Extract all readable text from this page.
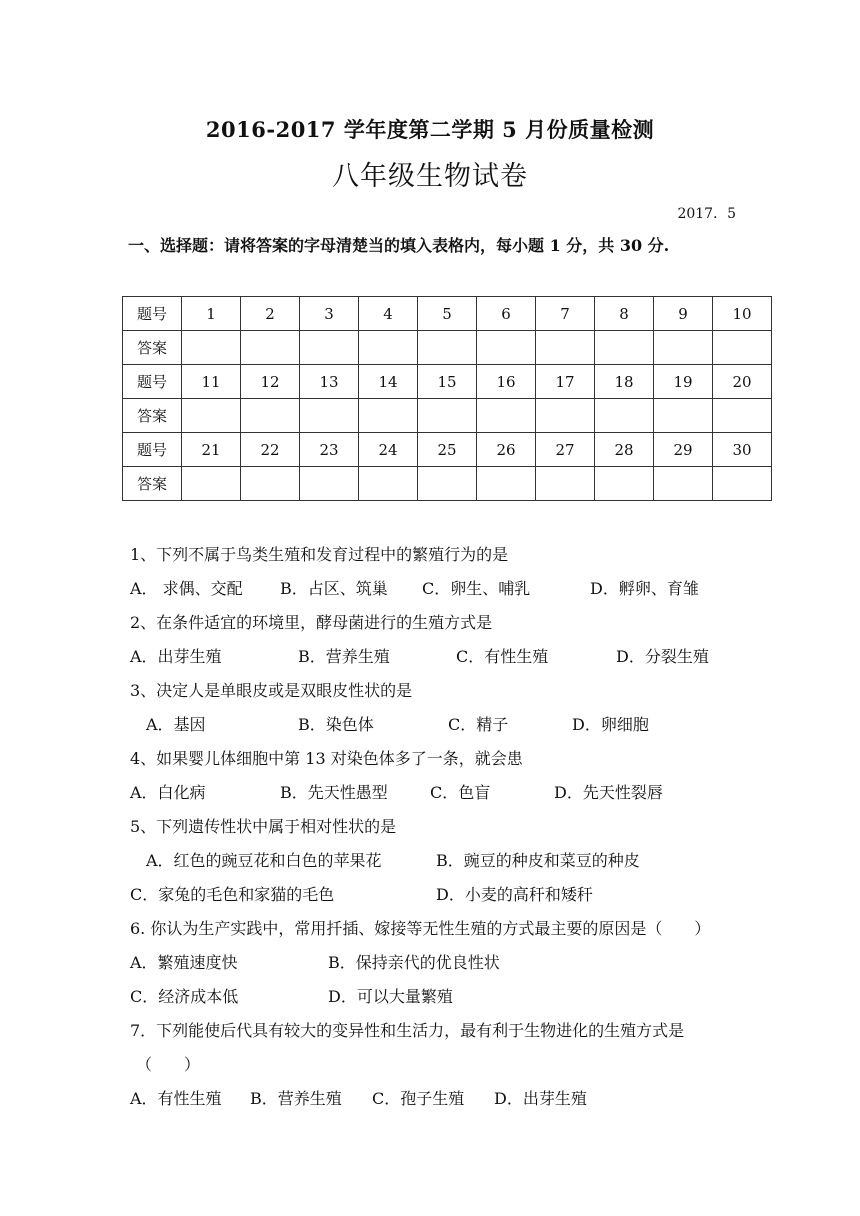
2016-2017 学年度第二学期 5 月份质量检测
八年级生物试卷
2017．5
一、选择题：请将答案的字母清楚当的填入表格内，每小题 1 分，共 30 分.
题号	1	2	3	4	5	6	7	8	9	10
答案										
题号	11	12	13	14	15	16	17	18	19	20
答案										
题号	21	22	23	24	25	26	27	28	29	30
答案										
1、下列不属于鸟类生殖和发育过程中的繁殖行为的是
A． 求偶、交配 B．占区、筑巢 C．卵生、哺乳	D．孵卵、育雏
2、在条件适宜的环境里，酵母菌进行的生殖方式是
A．出芽生殖	B．营养生殖	C．有性生殖	D．分裂生殖
3、决定人是单眼皮或是双眼皮性状的是
A．基因	B．染色体	C．精子	D．卵细胞
4、如果婴儿体细胞中第 13 对染色体多了一条，就会患
A．白化病	B．先天性愚型	C．色盲	D．先天性裂唇
5、下列遗传性状中属于相对性状的是
A．红色的豌豆花和白色的苹果花	B．豌豆的种皮和菜豆的种皮
C．家兔的毛色和家猫的毛色	D．小麦的高秆和矮秆
6. 你认为生产实践中，常用扦插、嫁接等无性生殖的方式最主要的原因是（　　）
A．繁殖速度快	B．保持亲代的优良性状
C．经济成本低	D．可以大量繁殖
7．下列能使后代具有较大的变异性和生活力，最有利于生物进化的生殖方式是
（　　）
A．有性生殖 B．营养生殖 C．孢子生殖 D．出芽生殖
